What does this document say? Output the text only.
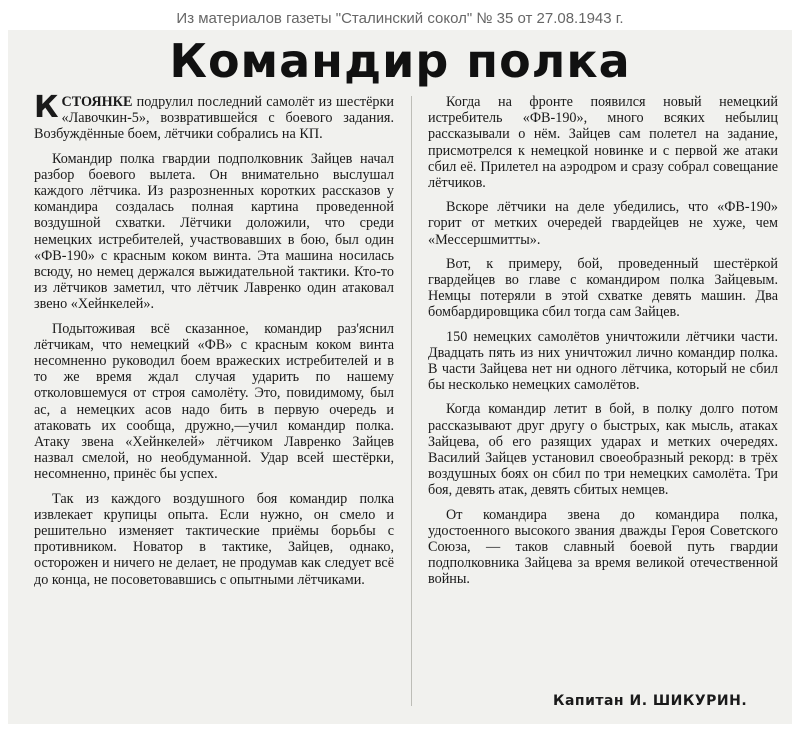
Из материалов газеты "Сталинский сокол" № 35 от 27.08.1943 г.
Командир полка

КСТОЯНКЕ подрулил последний самолёт из шестёрки «Лавочкин-5», возвратившейся с боевого задания. Возбуждённые боем, лётчики собрались на КП.

Командир полка гвардии подполковник Зайцев начал разбор боевого вылета. Он внимательно выслушал каждого лётчика. Из разрозненных коротких рассказов у командира создалась полная картина проведенной воздушной схватки. Лётчики доложили, что среди немецких истребителей, участвовавших в бою, был один «ФВ-190» с красным коком винта. Эта машина носилась всюду, но немец держался выжидательной тактики. Кто-то из лётчиков заметил, что лётчик Лавренко один атаковал звено «Хейнкелей».

Подытоживая всё сказанное, командир раз'яснил лётчикам, что немецкий «ФВ» с красным коком винта несомненно руководил боем вражеских истребителей и в то же время ждал случая ударить по нашему отколовшемуся от строя самолёту. Это, повидимому, был ас, а немецких асов надо бить в первую очередь и атаковать их сообща, дружно,—учил командир полка. Атаку звена «Хейнкелей» лётчиком Лавренко Зайцев назвал смелой, но необдуманной. Удар всей шестёрки, несомненно, принёс бы успех.

Так из каждого воздушного боя командир полка извлекает крупицы опыта. Если нужно, он смело и решительно изменяет тактические приёмы борьбы с противником. Новатор в тактике, Зайцев, однако, осторожен и ничего не делает, не продумав как следует всё до конца, не посоветовавшись с опытными лётчиками.

Когда на фронте появился новый немецкий истребитель «ФВ-190», много всяких небылиц рассказывали о нём. Зайцев сам полетел на задание, присмотрелся к немецкой новинке и с первой же атаки сбил её. Прилетел на аэродром и сразу собрал совещание лётчиков.

Вскоре лётчики на деле убедились, что «ФВ-190» горит от метких очередей гвардейцев не хуже, чем «Мессершмитты».

Вот, к примеру, бой, проведенный шестёркой гвардейцев во главе с командиром полка Зайцевым. Немцы потеряли в этой схватке девять машин. Два бомбардировщика сбил тогда сам Зайцев.

150 немецких самолётов уничтожили лётчики части. Двадцать пять из них уничтожил лично командир полка. В части Зайцева нет ни одного лётчика, который не сбил бы несколько немецких самолётов.

Когда командир летит в бой, в полку долго потом рассказывают друг другу о быстрых, как мысль, атаках Зайцева, об его разящих ударах и метких очередях. Василий Зайцев установил своеобразный рекорд: в трёх воздушных боях он сбил по три немецких самолёта. Три боя, девять атак, девять сбитых немцев.

От командира звена до командира полка, удостоенного высокого звания дважды Героя Советского Союза, — таков славный боевой путь гвардии подполковника Зайцева за время великой отечественной войны.

Капитан И. ШИКУРИН.
